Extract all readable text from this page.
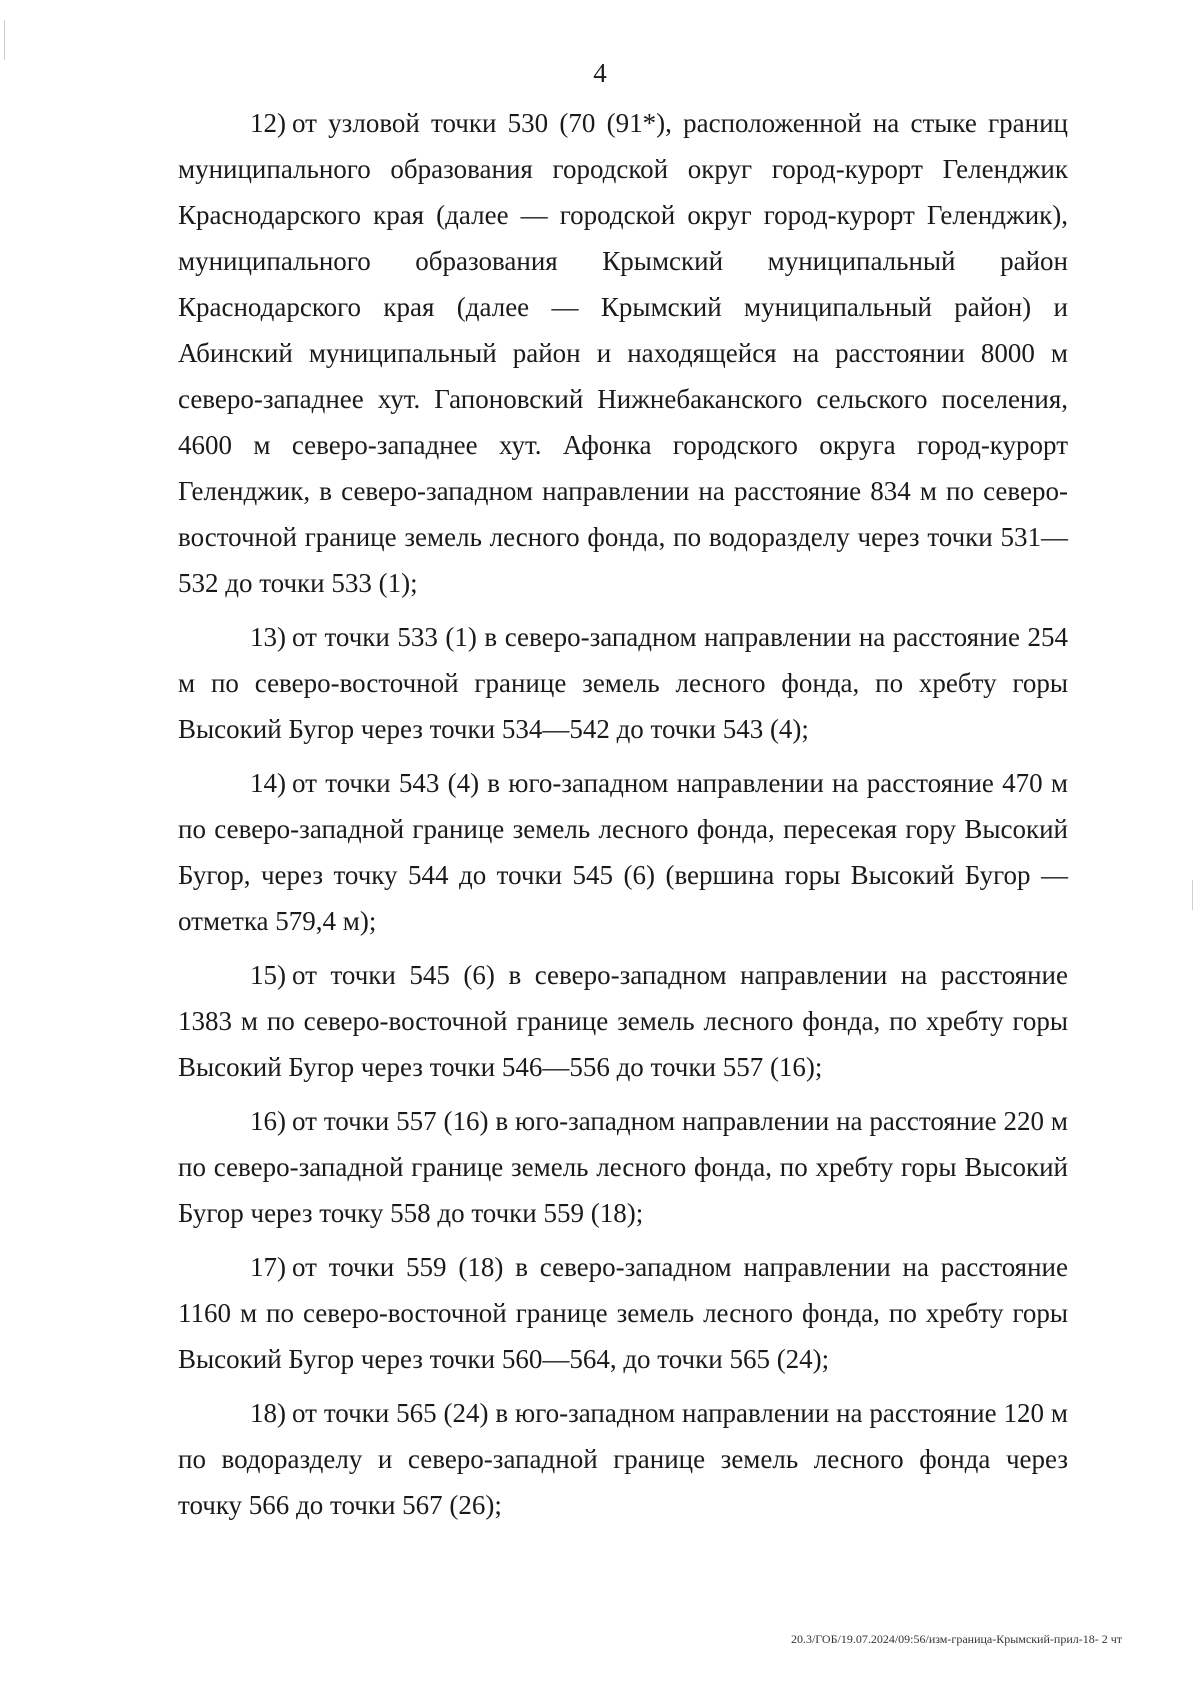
4

12) от узловой точки 530 (70 (91*), расположенной на стыке границ муниципального образования городской округ город-курорт Геленджик Краснодарского края (далее — городской округ город-курорт Геленджик), муниципального образования Крымский муниципальный район Краснодарского края (далее — Крымский муниципальный район) и Абинский муниципальный район и находящейся на расстоянии 8000 м северо-западнее хут. Гапоновский Нижнебаканского сельского поселения, 4600 м северо-западнее хут. Афонка городского округа город-курорт Геленджик, в северо-западном направлении на расстояние 834 м по северо-восточной границе земель лесного фонда, по водоразделу через точки 531—532 до точки 533 (1);

13) от точки 533 (1) в северо-западном направлении на расстояние 254 м по северо-восточной границе земель лесного фонда, по хребту горы Высокий Бугор через точки 534—542 до точки 543 (4);

14) от точки 543 (4) в юго-западном направлении на расстояние 470 м по северо-западной границе земель лесного фонда, пересекая гору Высокий Бугор, через точку 544 до точки 545 (6) (вершина горы Высокий Бугор — отметка 579,4 м);

15) от точки 545 (6) в северо-западном направлении на расстояние 1383 м по северо-восточной границе земель лесного фонда, по хребту горы Высокий Бугор через точки 546—556 до точки 557 (16);

16) от точки 557 (16) в юго-западном направлении на расстояние 220 м по северо-западной границе земель лесного фонда, по хребту горы Высокий Бугор через точку 558 до точки 559 (18);

17) от точки 559 (18) в северо-западном направлении на расстояние 1160 м по северо-восточной границе земель лесного фонда, по хребту горы Высокий Бугор через точки 560—564, до точки 565 (24);

18) от точки 565 (24) в юго-западном направлении на расстояние 120 м по водоразделу и северо-западной границе земель лесного фонда через точку 566 до точки 567 (26);

20.3/ГОБ/19.07.2024/09:56/изм-граница-Крымский-прил-18- 2 чт
